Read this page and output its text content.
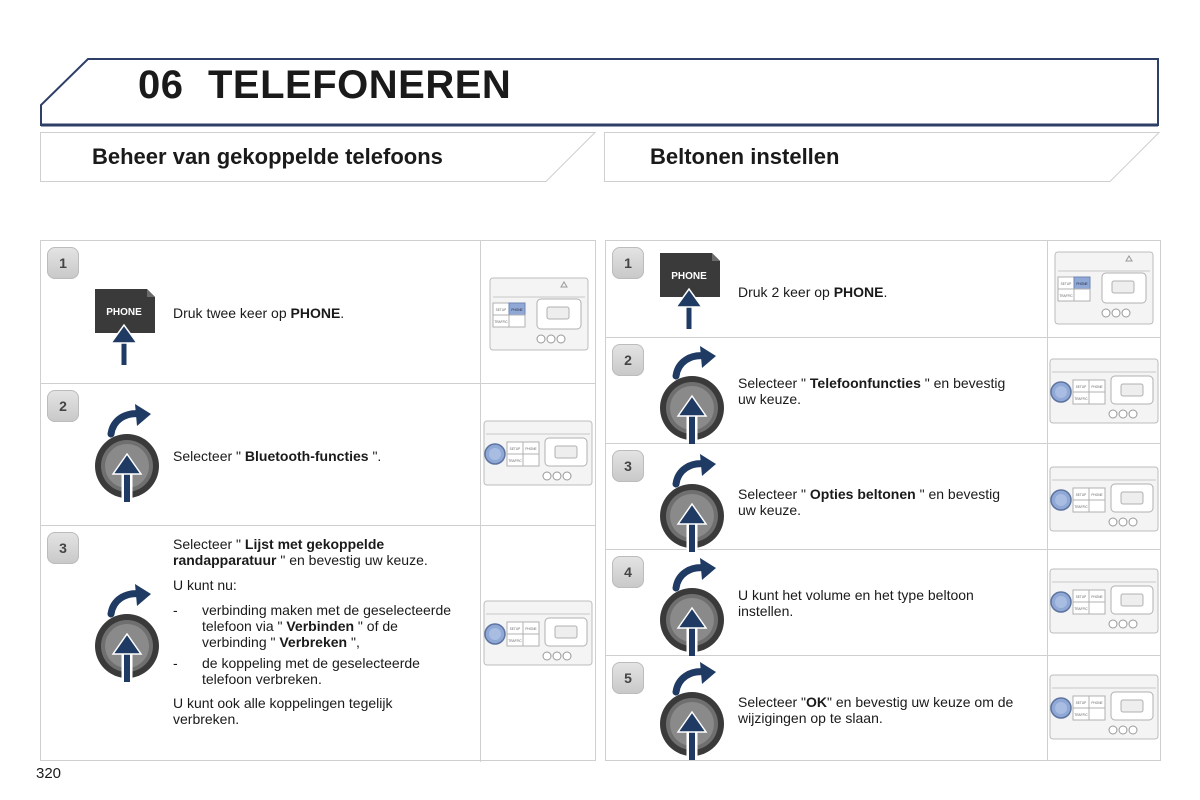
06 TELEFONEREN
Beheer van gekoppelde telefoons	Beltonen instellen
1
PHONE Druk twee keer op PHONE.	SETUP PHONE
TRAFFIC
2
Selecteer " Bluetooth-functies ".	SETUP PHONE
TRAFFIC
3	Selecteer " Lijst met gekoppelde randapparatuur " en bevestig uw keuze.

U kunt nu:

- verbinding maken met de geselecteerde telefoon via " Verbinden " of de verbinding " Verbreken ",
- de koppeling met de geselecteerde telefoon verbreken.

U kunt ook alle koppelingen tegelijk verbreken.

SETUP PHONE
TRAFFIC
1
PHONE
Druk 2 keer op PHONE.	SETUP PHONE
TRAFFIC
2
Selecteer " Telefoonfuncties " en bevestig uw keuze.
SETUP PHONE
TRAFFIC
3
Selecteer " Opties beltonen " en bevestig uw keuze.
SETUP PHONE
TRAFFIC
4
U kunt het volume en het type beltoon instellen.
SETUP PHONE
TRAFFIC
5
Selecteer "OK" en bevestig uw keuze om de wijzigingen op te slaan.
SETUP PHONE
TRAFFIC
320
